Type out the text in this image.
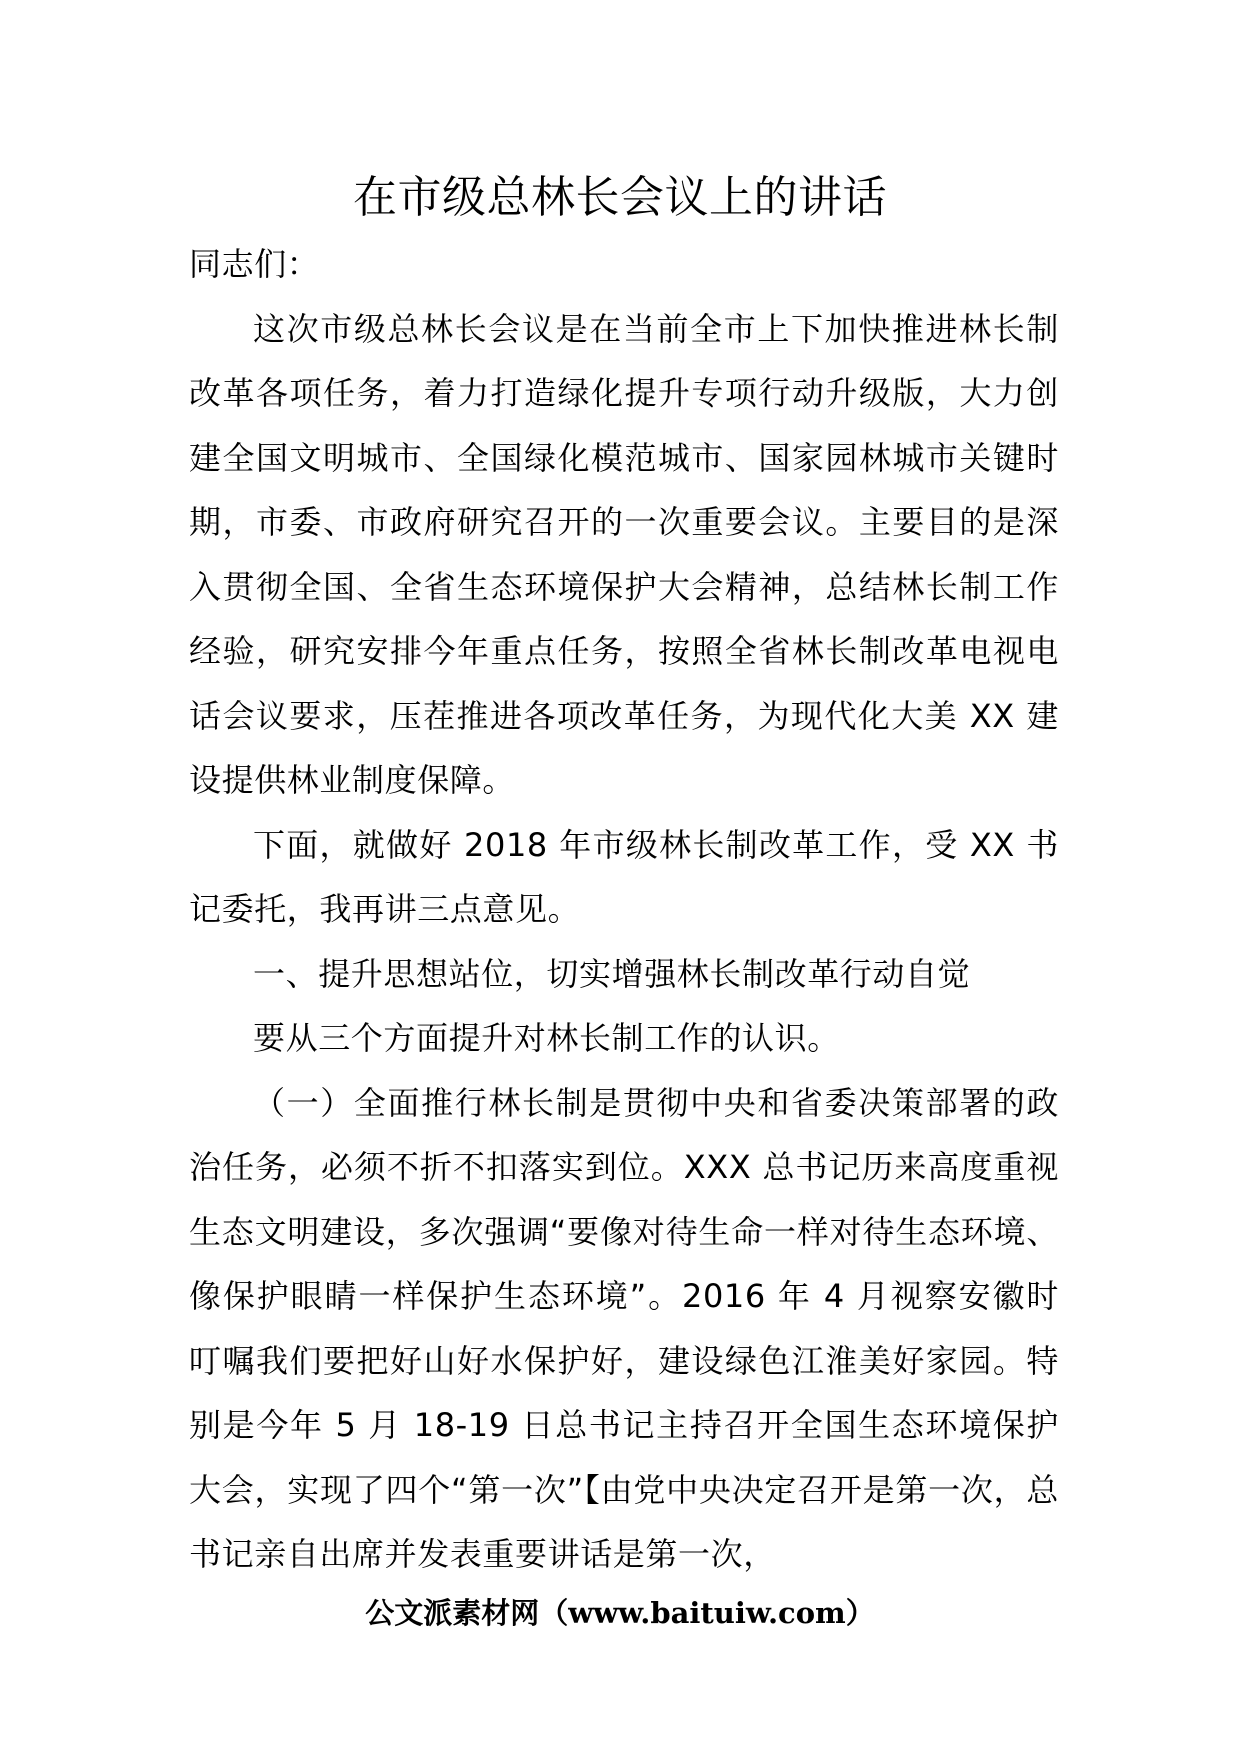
在市级总林长会议上的讲话

同志们：

这次市级总林长会议是在当前全市上下加快推进林长制改革各项任务，着力打造绿化提升专项行动升级版，大力创建全国文明城市、全国绿化模范城市、国家园林城市关键时期，市委、市政府研究召开的一次重要会议。主要目的是深入贯彻全国、全省生态环境保护大会精神，总结林长制工作经验，研究安排今年重点任务，按照全省林长制改革电视电话会议要求，压茬推进各项改革任务，为现代化大美 XX 建设提供林业制度保障。

下面，就做好 2018 年市级林长制改革工作，受 XX 书记委托，我再讲三点意见。

一、提升思想站位，切实增强林长制改革行动自觉

要从三个方面提升对林长制工作的认识。

（一）全面推行林长制是贯彻中央和省委决策部署的政治任务，必须不折不扣落实到位。XXX 总书记历来高度重视生态文明建设，多次强调“要像对待生命一样对待生态环境、像保护眼睛一样保护生态环境”。2016 年 4 月视察安徽时叮嘱我们要把好山好水保护好，建设绿色江淮美好家园。特别是今年 5 月 18-19 日总书记主持召开全国生态环境保护大会，实现了四个“第一次”【由党中央决定召开是第一次，总书记亲自出席并发表重要讲话是第一次，

公文派素材网（www.baituiw.com）
